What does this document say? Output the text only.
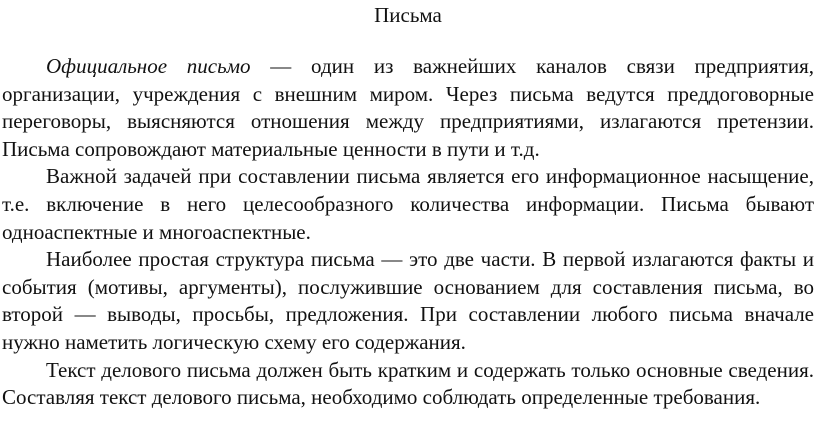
Письма

Официальное письмо — один из важнейших каналов связи предприятия, организации, учреждения с внешним миром. Через письма ведутся преддоговорные переговоры, выясняются отношения между предприятиями, излагаются претензии. Письма сопровождают материальные ценности в пути и т.д.

Важной задачей при составлении письма является его информационное насыщение, т.е. включение в него целесообразного количества информации. Письма бывают одноаспектные и многоаспектные.

Наиболее простая структура письма — это две части. В первой излагаются факты и события (мотивы, аргументы), послужившие основанием для составления письма, во второй — выводы, просьбы, предложения. При составлении любого письма вначале нужно наметить логическую схему его содержания.

Текст делового письма должен быть кратким и содержать только основные сведения. Составляя текст делового письма, необходимо соблюдать определенные требования.
